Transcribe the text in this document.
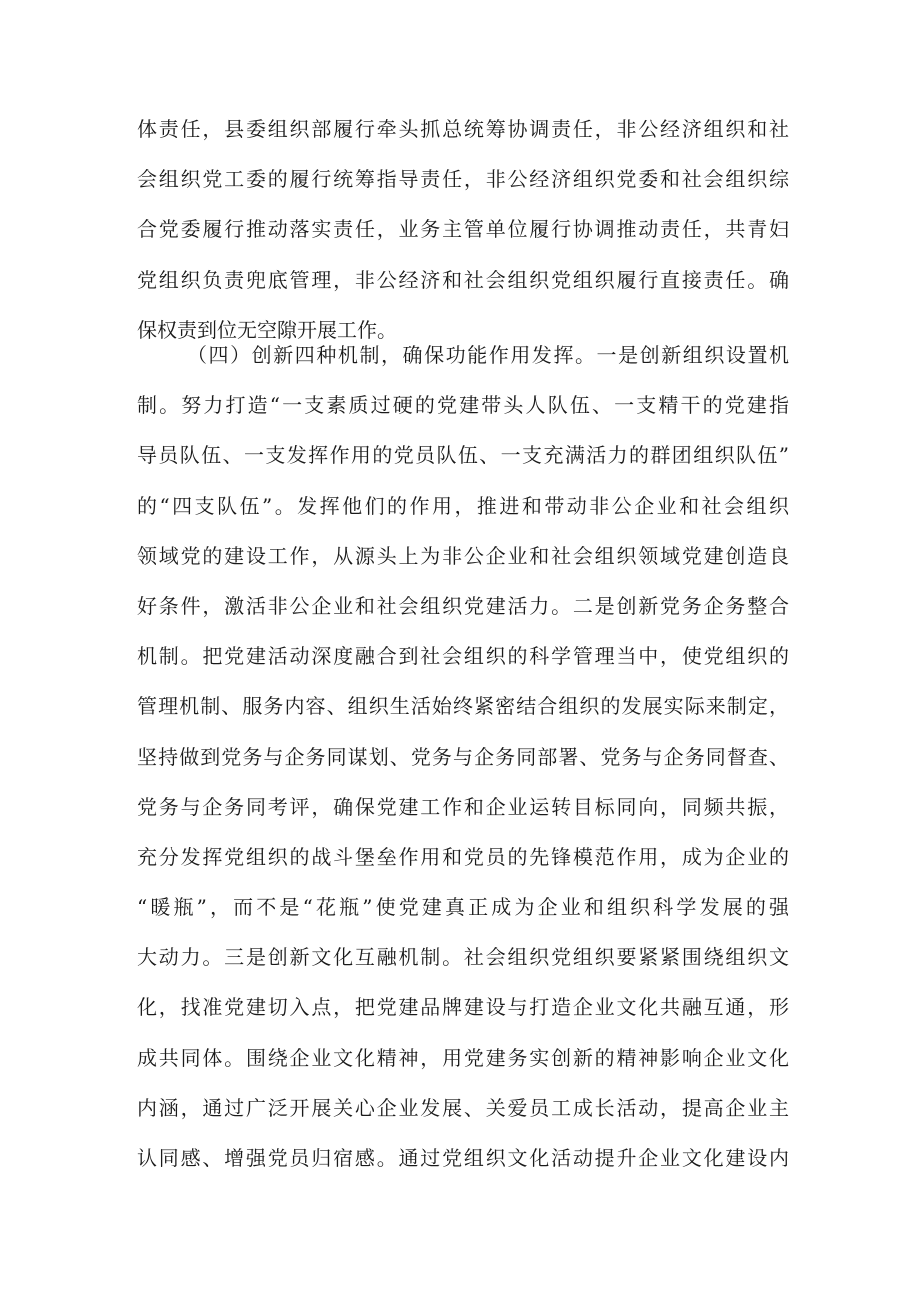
体责任，县委组织部履行牵头抓总统筹协调责任，非公经济组织和社
会组织党工委的履行统筹指导责任，非公经济组织党委和社会组织综
合党委履行推动落实责任，业务主管单位履行协调推动责任，共青妇
党组织负责兜底管理，非公经济和社会组织党组织履行直接责任。确
保权责到位无空隙开展工作。
（四）创新四种机制，确保功能作用发挥。一是创新组织设置机
制。努力打造“一支素质过硬的党建带头人队伍、一支精干的党建指
导员队伍、一支发挥作用的党员队伍、一支充满活力的群团组织队伍”
的“四支队伍”。发挥他们的作用，推进和带动非公企业和社会组织
领域党的建设工作，从源头上为非公企业和社会组织领域党建创造良
好条件，激活非公企业和社会组织党建活力。二是创新党务企务整合
机制。把党建活动深度融合到社会组织的科学管理当中，使党组织的
管理机制、服务内容、组织生活始终紧密结合组织的发展实际来制定，
坚持做到党务与企务同谋划、党务与企务同部署、党务与企务同督查、
党务与企务同考评，确保党建工作和企业运转目标同向，同频共振，
充分发挥党组织的战斗堡垒作用和党员的先锋模范作用，成为企业的
“暖瓶”，而不是“花瓶”使党建真正成为企业和组织科学发展的强
大动力。三是创新文化互融机制。社会组织党组织要紧紧围绕组织文
化，找准党建切入点，把党建品牌建设与打造企业文化共融互通，形
成共同体。围绕企业文化精神，用党建务实创新的精神影响企业文化
内涵，通过广泛开展关心企业发展、关爱员工成长活动，提高企业主
认同感、增强党员归宿感。通过党组织文化活动提升企业文化建设内
